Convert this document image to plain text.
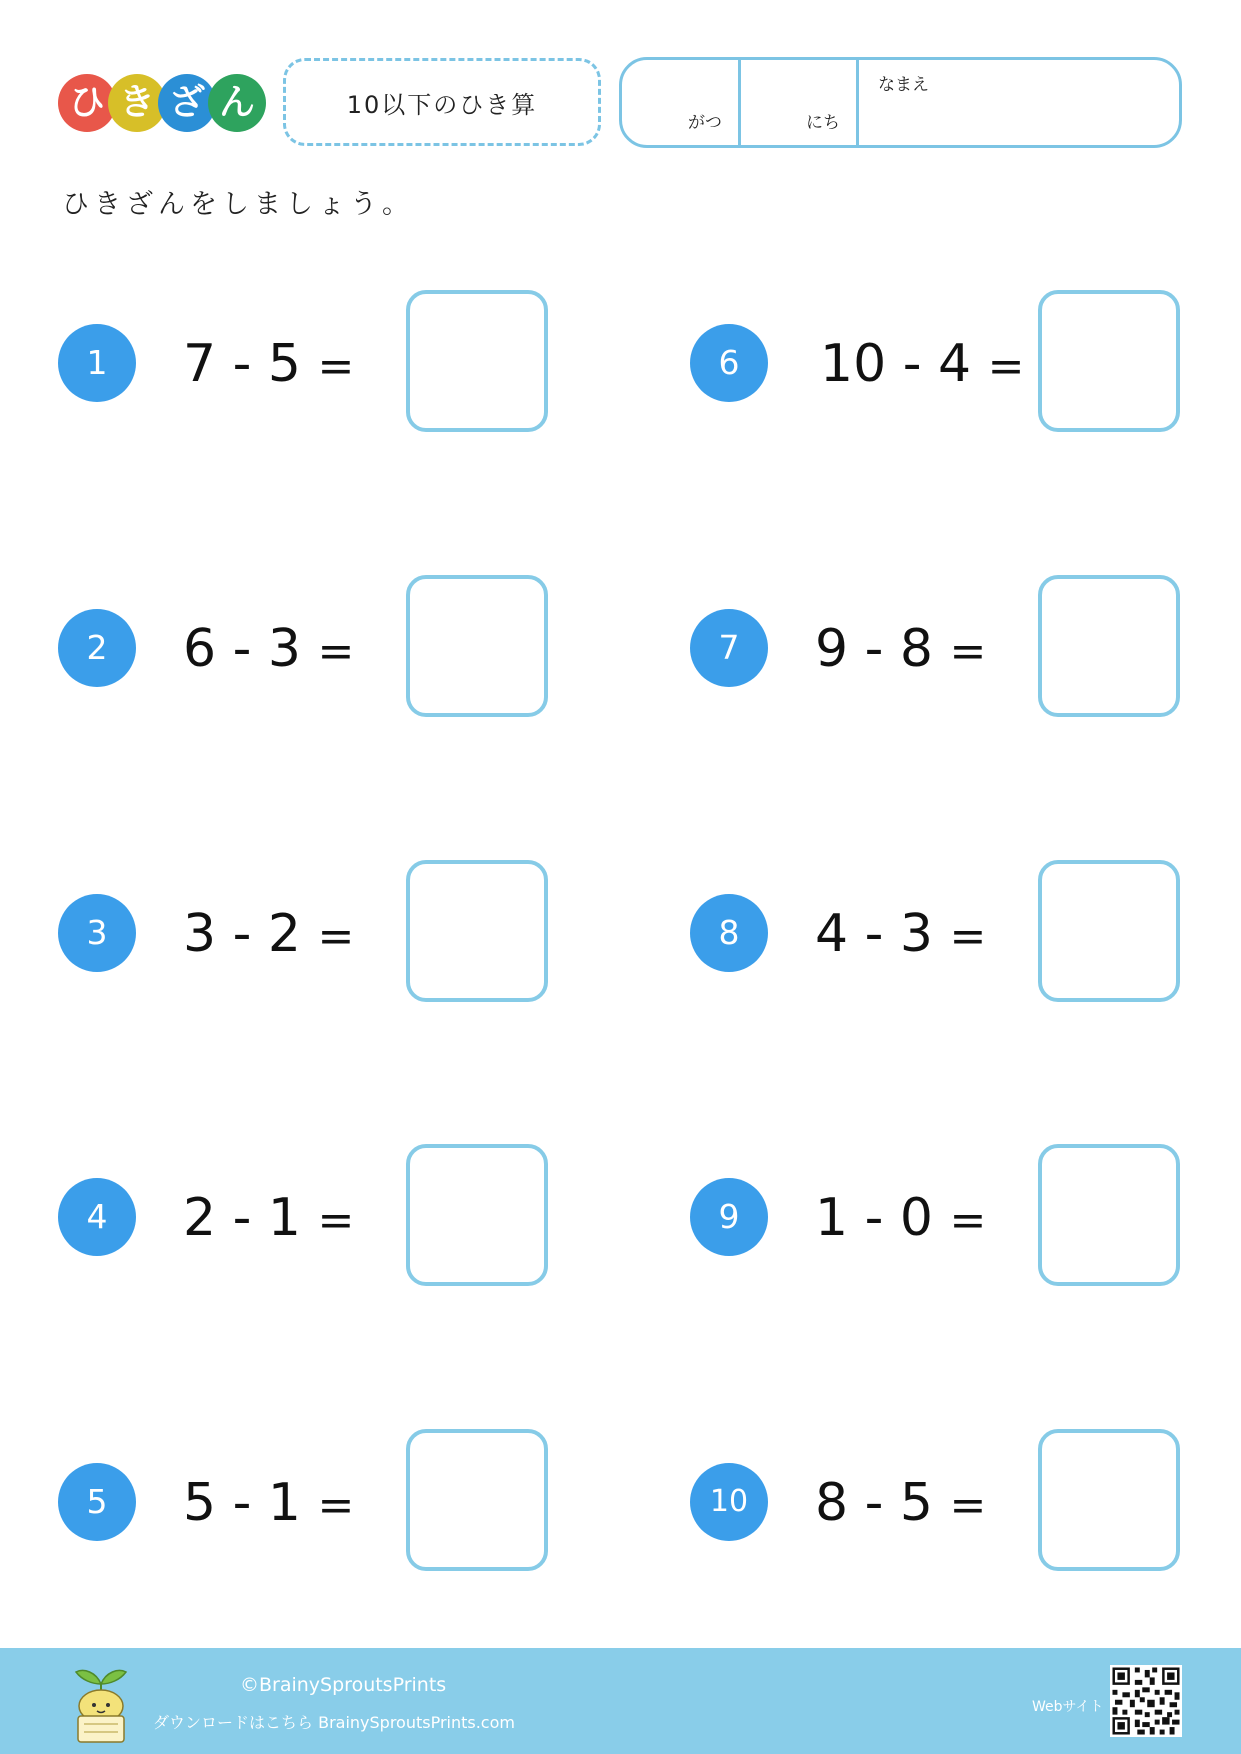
ひ き ざ ん	10以下のひき算
がつ	にち
なまえ
ひきざんをしましょう。
1	7 - 5 =
2	6 - 3 =
3	3 - 2 =
4	2 - 1 =
5	5 - 1 =
6	10 - 4 =
7	9 - 8 =
8	4 - 3 =
9	1 - 0 =
10	8 - 5 =
©BrainySproutsPrints
ダウンロードはこちら BrainySproutsPrints.com
Webサイト
